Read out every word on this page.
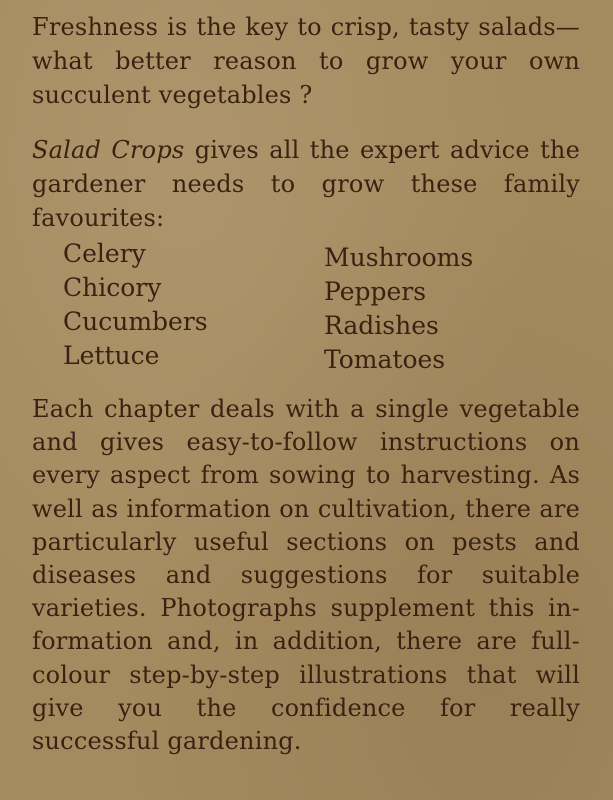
Freshness is the key to crisp, tasty salads—what better reason to grow your own succulent vegetables ?

Salad Crops gives all the expert advice the gardener needs to grow these family favourites:

Celery
Chicory
Cucumbers
Lettuce
Mushrooms
Peppers
Radishes
Tomatoes

Each chapter deals with a single vegetable and gives easy-to-follow instructions on every aspect from sowing to harvesting. As well as information on cultivation, there are particularly useful sections on pests and diseases and suggestions for suitable varieties. Photographs supplement this in-formation and, in addition, there are full-colour step-by-step illustrations that will give you the confidence for really successful gardening.
